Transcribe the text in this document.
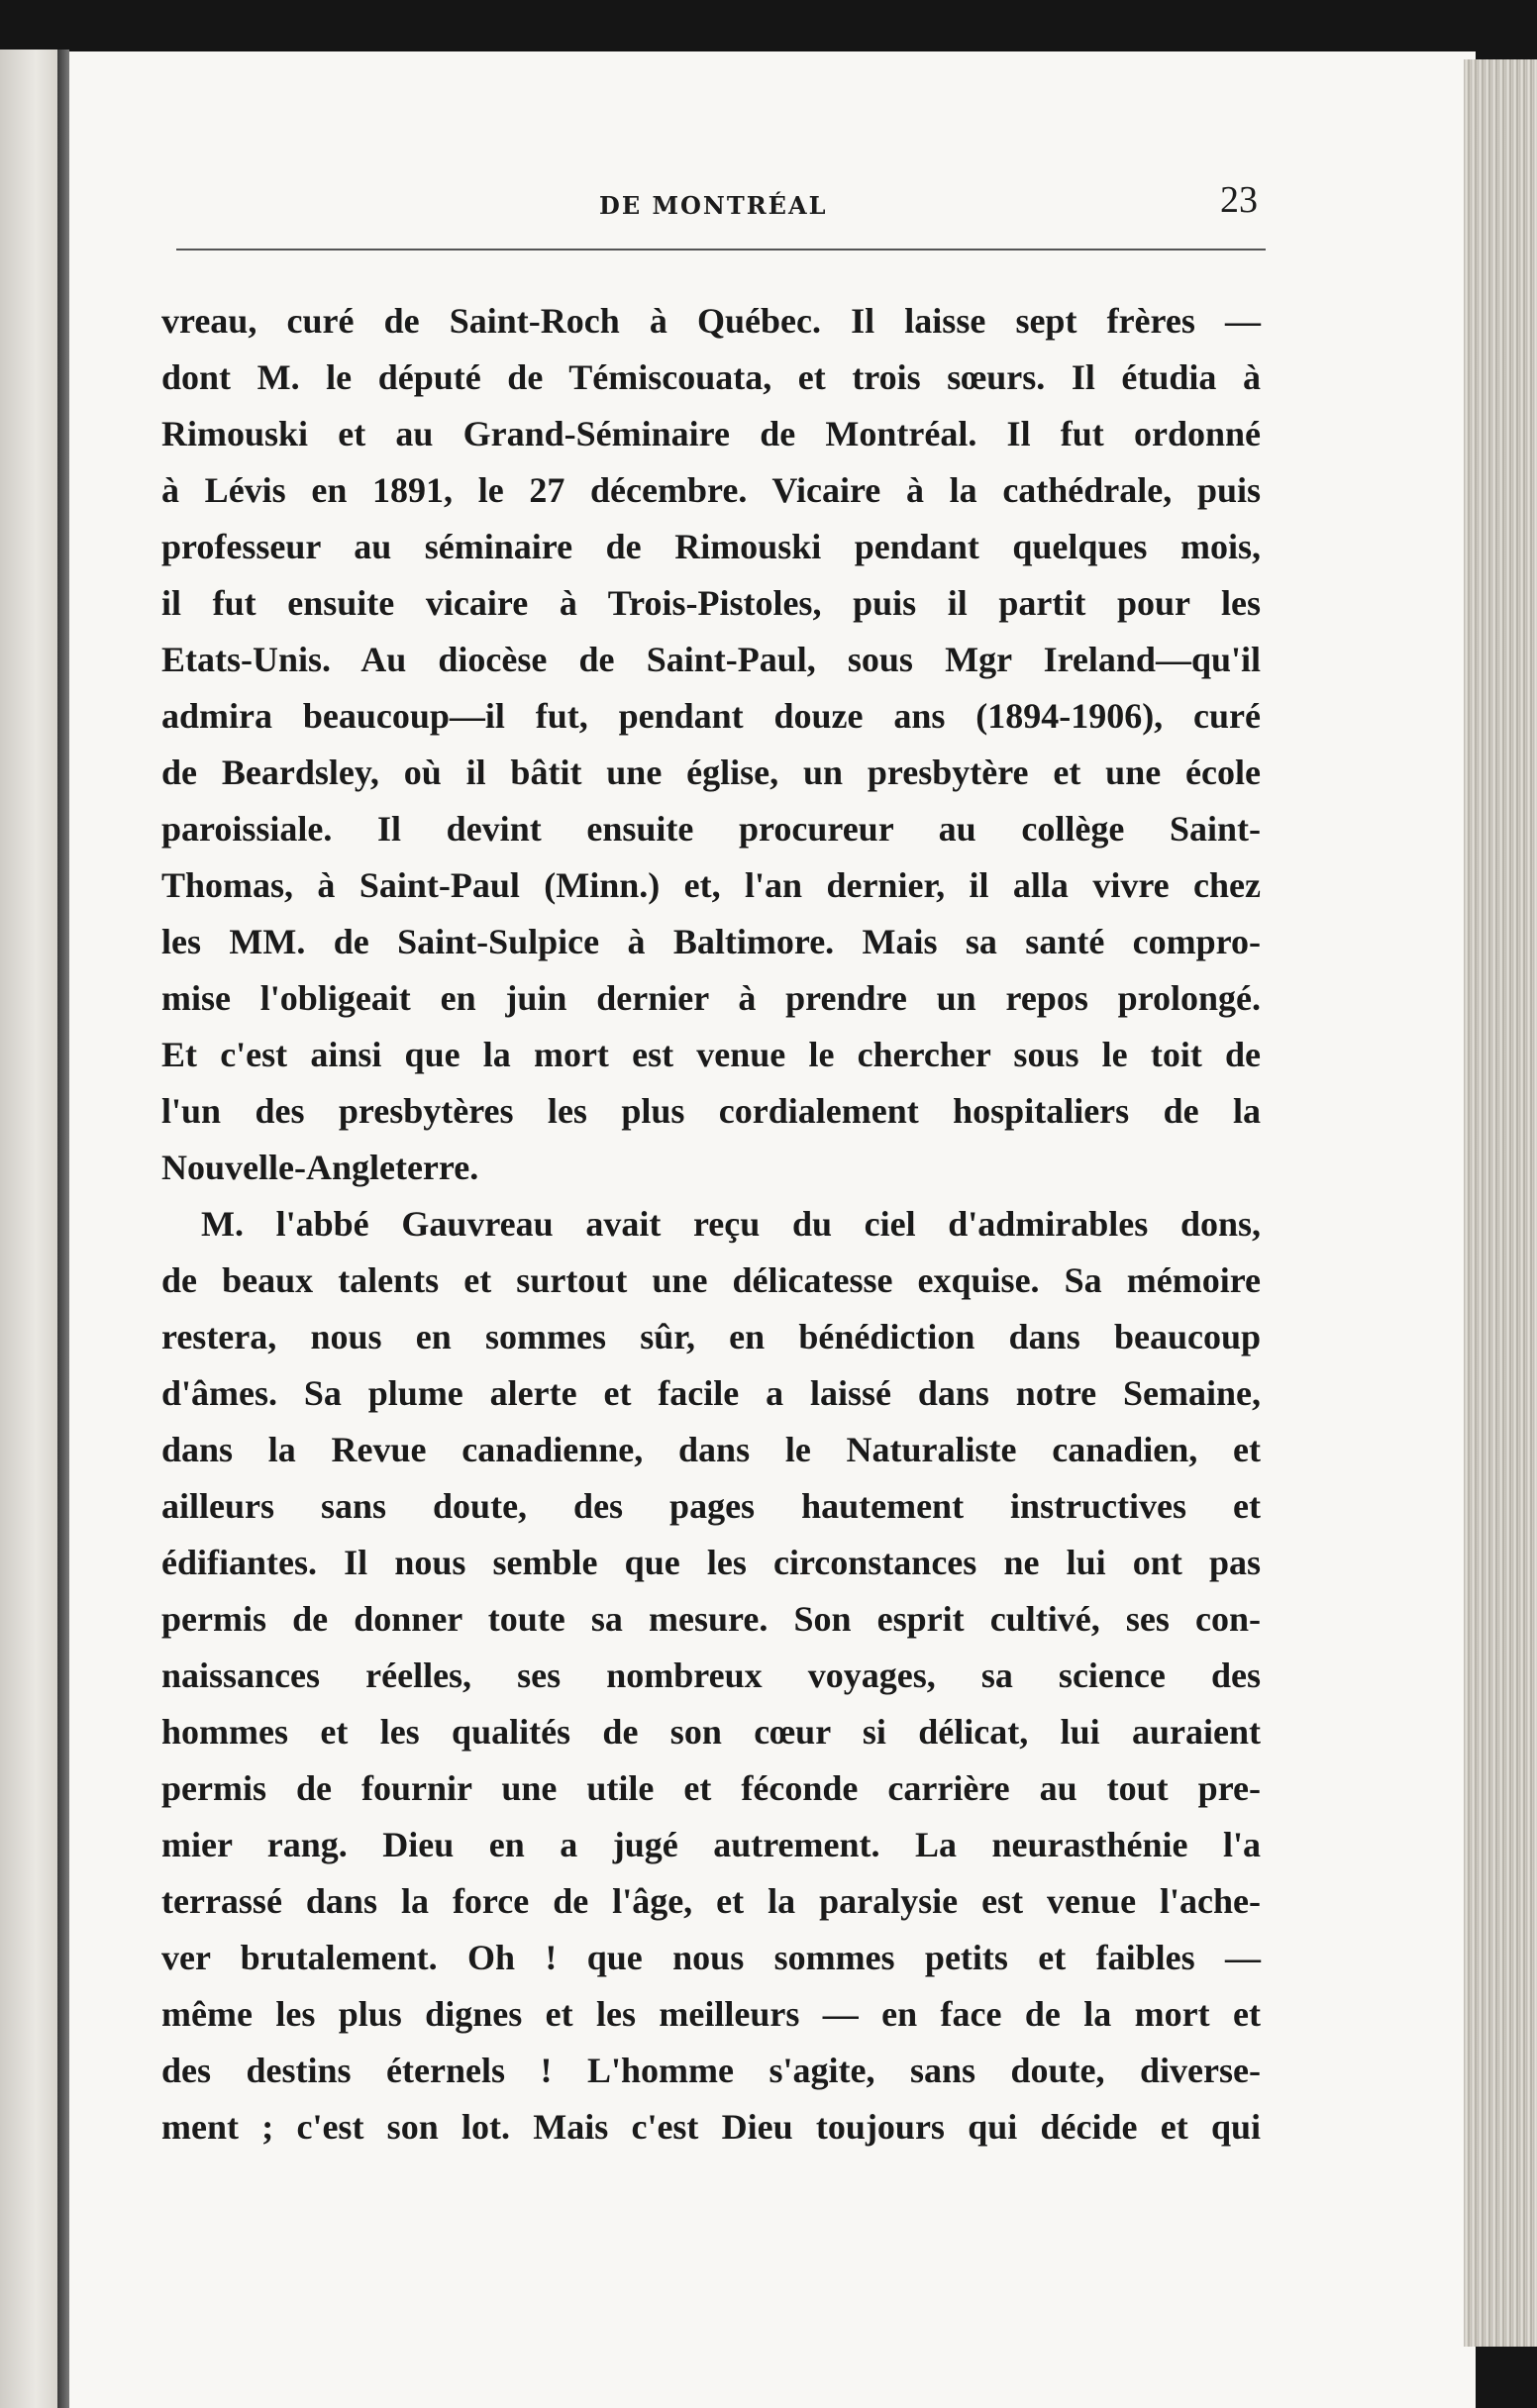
DE MONTRÉAL	23
vreau, curé de Saint-Roch à Québec. Il laisse sept frères —
dont M. le député de Témiscouata, et trois sœurs. Il étudia à
Rimouski et au Grand-Séminaire de Montréal. Il fut ordonné
à Lévis en 1891, le 27 décembre. Vicaire à la cathédrale, puis
professeur au séminaire de Rimouski pendant quelques mois,
il fut ensuite vicaire à Trois-Pistoles, puis il partit pour les
Etats-Unis. Au diocèse de Saint-Paul, sous Mgr Ireland—qu'il
admira beaucoup—il fut, pendant douze ans (1894-1906), curé
de Beardsley, où il bâtit une église, un presbytère et une école
paroissiale. Il devint ensuite procureur au collège Saint-
Thomas, à Saint-Paul (Minn.) et, l'an dernier, il alla vivre chez
les MM. de Saint-Sulpice à Baltimore. Mais sa santé compro-
mise l'obligeait en juin dernier à prendre un repos prolongé.
Et c'est ainsi que la mort est venue le chercher sous le toit de
l'un des presbytères les plus cordialement hospitaliers de la
Nouvelle-Angleterre.
M. l'abbé Gauvreau avait reçu du ciel d'admirables dons,
de beaux talents et surtout une délicatesse exquise. Sa mémoire
restera, nous en sommes sûr, en bénédiction dans beaucoup
d'âmes. Sa plume alerte et facile a laissé dans notre Semaine,
dans la Revue canadienne, dans le Naturaliste canadien, et
ailleurs sans doute, des pages hautement instructives et
édifiantes. Il nous semble que les circonstances ne lui ont pas
permis de donner toute sa mesure. Son esprit cultivé, ses con-
naissances réelles, ses nombreux voyages, sa science des
hommes et les qualités de son cœur si délicat, lui auraient
permis de fournir une utile et féconde carrière au tout pre-
mier rang. Dieu en a jugé autrement. La neurasthénie l'a
terrassé dans la force de l'âge, et la paralysie est venue l'ache-
ver brutalement. Oh ! que nous sommes petits et faibles —
même les plus dignes et les meilleurs — en face de la mort et
des destins éternels ! L'homme s'agite, sans doute, diverse-
ment ; c'est son lot. Mais c'est Dieu toujours qui décide et qui
